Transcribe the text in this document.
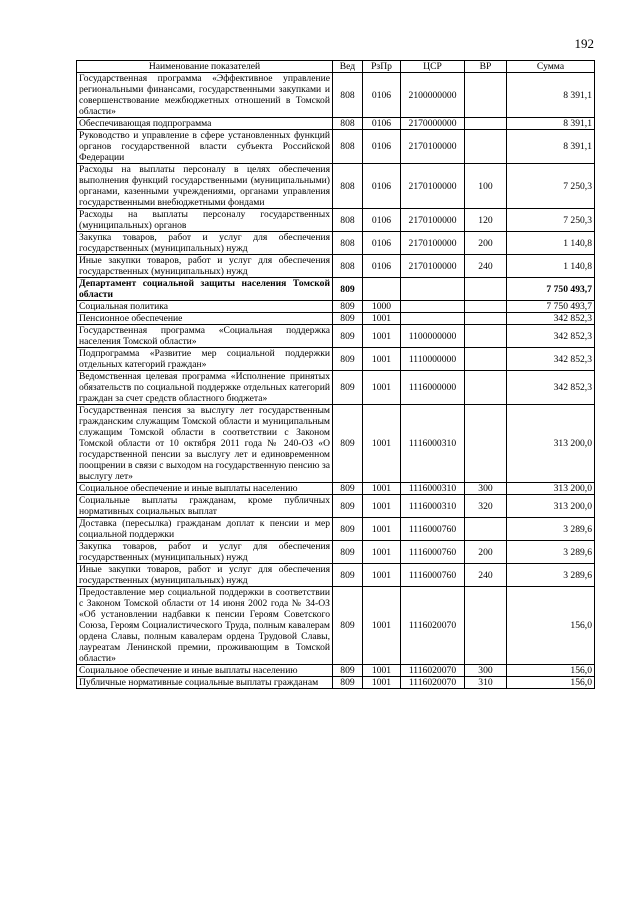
192
Наименование показателей	Вед	РзПр	ЦСР	ВР	Сумма
Государственная программа «Эффективное управление региональными финансами, государственными закупками и совершенствование межбюджетных отношений в Томской области»	808	0106	2100000000		8 391,1
Обеспечивающая подпрограмма	808	0106	2170000000		8 391,1
Руководство и управление в сфере установленных функций органов государственной власти субъекта Российской Федерации	808	0106	2170100000		8 391,1
Расходы на выплаты персоналу в целях обеспечения выполнения функций государственными (муниципальными) органами, казенными учреждениями, органами управления государственными внебюджетными фондами	808	0106	2170100000	100	7 250,3
Расходы на выплаты персоналу государственных (муниципальных) органов	808	0106	2170100000	120	7 250,3
Закупка товаров, работ и услуг для обеспечения государственных (муниципальных) нужд	808	0106	2170100000	200	1 140,8
Иные закупки товаров, работ и услуг для обеспечения государственных (муниципальных) нужд	808	0106	2170100000	240	1 140,8
Департамент социальной защиты населения Томской области	809				7 750 493,7
Социальная политика	809	1000			7 750 493,7
Пенсионное обеспечение	809	1001			342 852,3
Государственная программа «Социальная поддержка населения Томской области»	809	1001	1100000000		342 852,3
Подпрограмма «Развитие мер социальной поддержки отдельных категорий граждан»	809	1001	1110000000		342 852,3
Ведомственная целевая программа «Исполнение принятых обязательств по социальной поддержке отдельных категорий граждан за счет средств областного бюджета»	809	1001	1116000000		342 852,3
Государственная пенсия за выслугу лет государственным гражданским служащим Томской области и муниципальным служащим Томской области в соответствии с Законом Томской области от 10 октября 2011 года № 240-ОЗ «О государственной пенсии за выслугу лет и единовременном поощрении в связи с выходом на государственную пенсию за выслугу лет»	809	1001	1116000310		313 200,0
Социальное обеспечение и иные выплаты населению	809	1001	1116000310	300	313 200,0
Социальные выплаты гражданам, кроме публичных нормативных социальных выплат	809	1001	1116000310	320	313 200,0
Доставка (пересылка) гражданам доплат к пенсии и мер социальной поддержки	809	1001	1116000760		3 289,6
Закупка товаров, работ и услуг для обеспечения государственных (муниципальных) нужд	809	1001	1116000760	200	3 289,6
Иные закупки товаров, работ и услуг для обеспечения государственных (муниципальных) нужд	809	1001	1116000760	240	3 289,6
Предоставление мер социальной поддержки в соответствии с Законом Томской области от 14 июня 2002 года № 34-ОЗ «Об установлении надбавки к пенсии Героям Советского Союза, Героям Социалистического Труда, полным кавалерам ордена Славы, полным кавалерам ордена Трудовой Славы, лауреатам Ленинской премии, проживающим в Томской области»	809	1001	1116020070		156,0
Социальное обеспечение и иные выплаты населению	809	1001	1116020070	300	156,0
Публичные нормативные социальные выплаты гражданам	809	1001	1116020070	310	156,0
